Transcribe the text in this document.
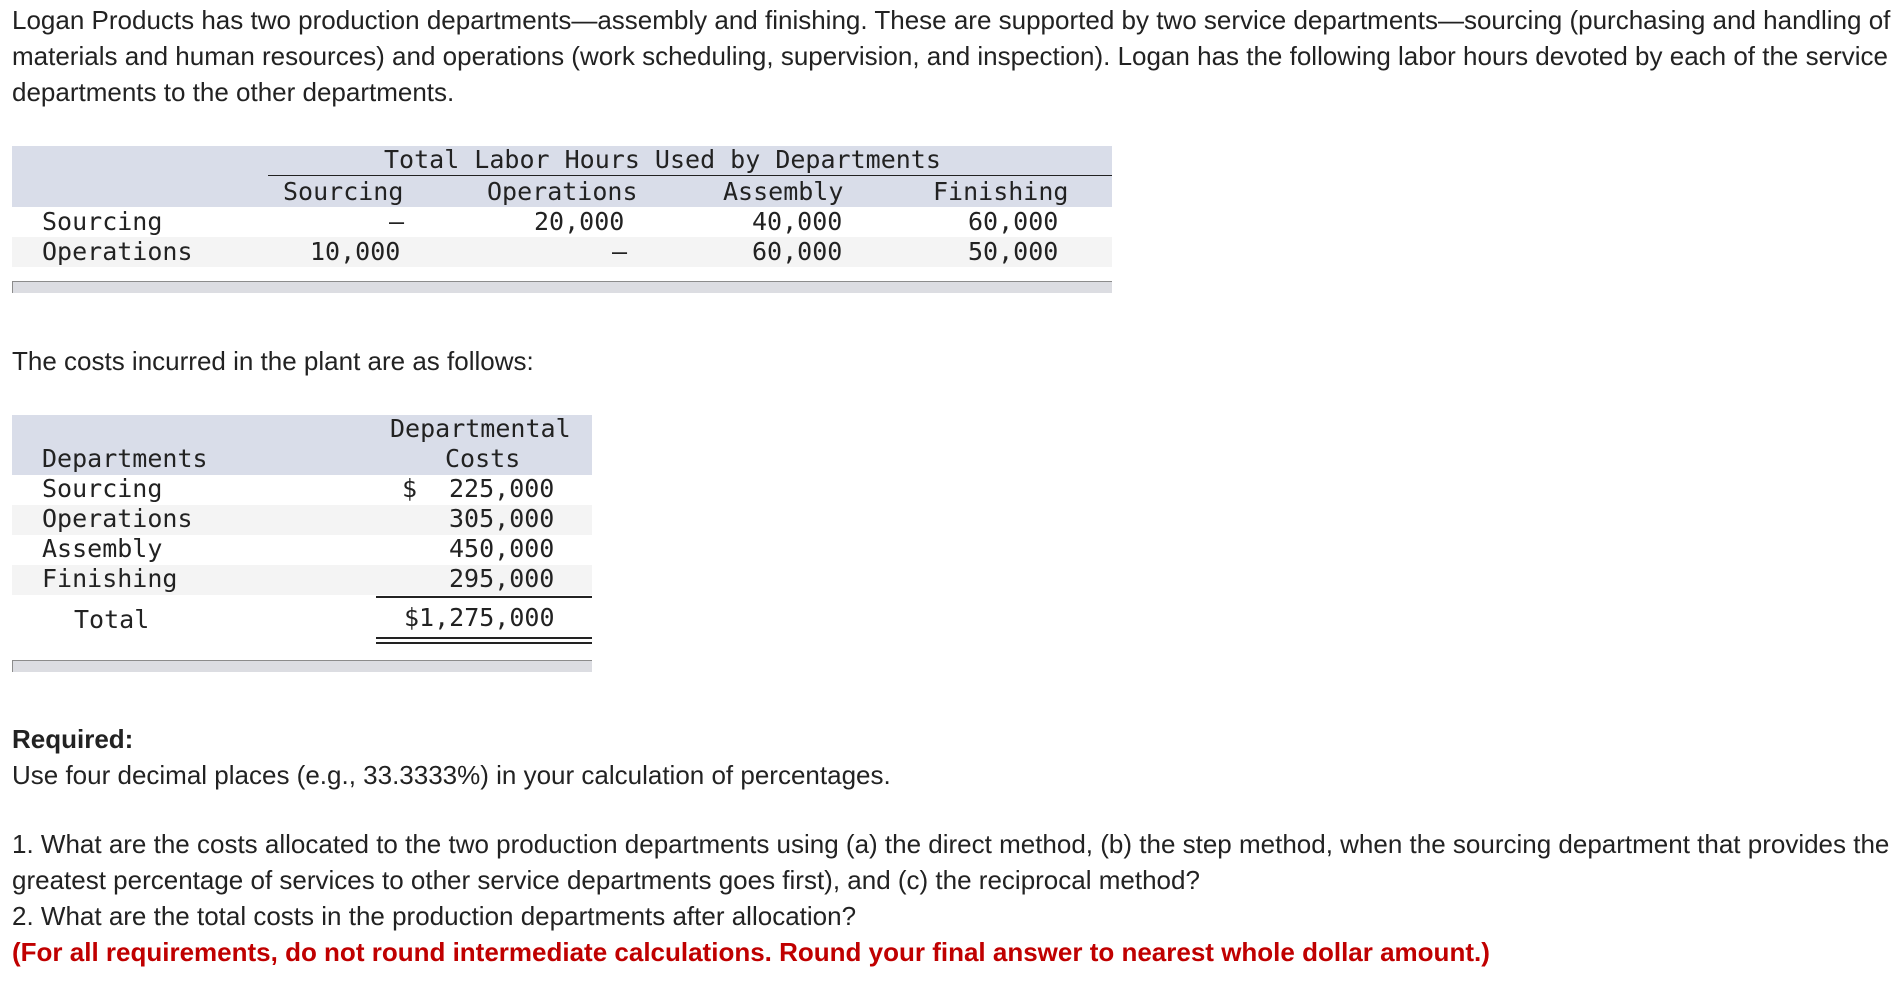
Logan Products has two production departments—assembly and finishing. These are supported by two service departments—sourcing (purchasing and handling of materials and human resources) and operations (work scheduling, supervision, and inspection). Logan has the following labor hours devoted by each of the service departments to the other departments.

Total Labor Hours Used by Departments
Sourcing	Operations	Assembly	Finishing
Sourcing	–	20,000	40,000	60,000
Operations	10,000	–	60,000	50,000

The costs incurred in the plant are as follows:

Departmental
Costs
Departments
Sourcing	$ 225,000
Operations	305,000
Assembly	450,000
Finishing	295,000
Total	$1,275,000

Required:

Use four decimal places (e.g., 33.3333%) in your calculation of percentages.

1. What are the costs allocated to the two production departments using (a) the direct method, (b) the step method, when the sourcing department that provides the greatest percentage of services to other service departments goes first), and (c) the reciprocal method?

2. What are the total costs in the production departments after allocation?

(For all requirements, do not round intermediate calculations. Round your final answer to nearest whole dollar amount.)
